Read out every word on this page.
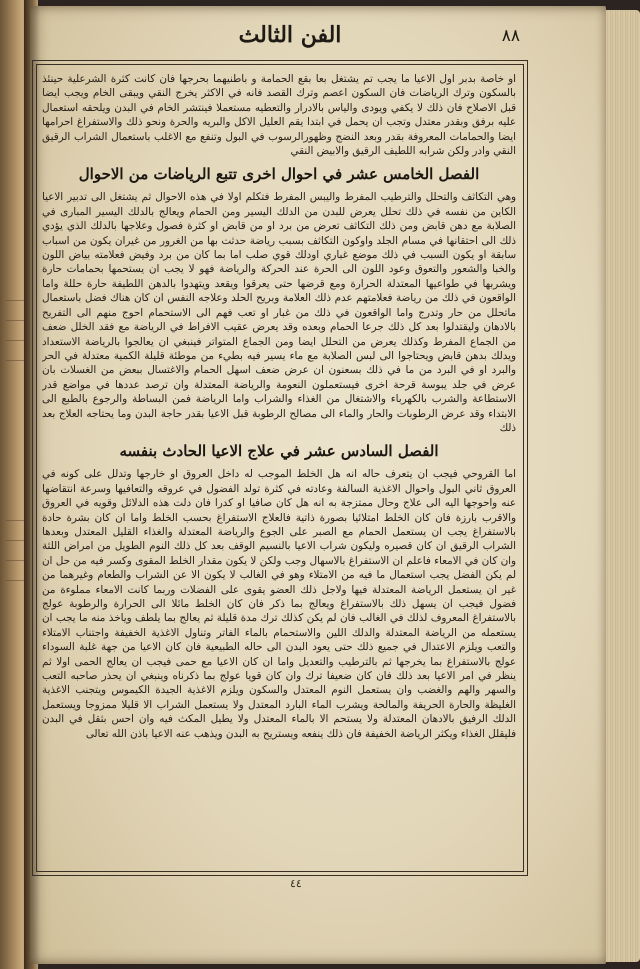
الفن الثالث	٨٨

او خاصة بدبر اول الاعيا ما يجب تم يشتغل بعا بقع الحمامة و باطنيهما بحرجها فان كانت كثرة الشرعلية حينئذ بالسكون وترك الرياضات فان السكون اعصم وترك القصد فانه في الاكثر يخرج النقي ويبقى الخام ويجب ايضا قبل الاصلاح فان ذلك لا يكفي ويودى والياس بالادرار والتعطيه مستعملا فينتشر الخام في البدن ويلحقه استعمال عليه برفق وبقدر معتدل وتجب ان يحمل في ابتدا يقم العليل الاكل والبريه والحرة ونحو ذلك والاستفراغ احرامها ايضا والحمامات المعروفة بقدر وبعد النضج وظهورالرسوب في البول وتنفع مع الاغلب باستعمال الشراب الرقيق النقي وادر ولكن شرابه اللطيف الرقيق والابيض النقي

الفصل الخامس عشر في احوال اخرى تتبع الرياضات من الاحوال

وهي التكاثف والتحلل والترطيب المفرط واليبس المفرط فتكلم اولا في هذه الاحوال ثم يشتغل الى تدبير الاعيا الكاين من نفسه في ذلك تحلل يعرض للبدن من الدلك اليسير ومن الحمام ويعالج بالدلك اليسير المبارى في الصلابة مع دهن قابض ومن ذلك التكاثف تعرض من برد او من قابض او كثرة فصول وعلاجها بالدلك الذي يؤدي ذلك الى احتقانها في مسام الجلد واوكون التكاثف بسبب رياضة حدثت بها من الغرور من غيران يكون من اسباب سابقة او يكون السبب في ذلك موضع غباري اودلك قوي صلب اما بما كان من برد وفيض فعلامته بياض اللون والخبا والشعور والتعوق وعود اللون الى الحرة عند الحركة والرياضة فهو لا يجب ان يستحمها بحمامات حارة ويشربها في طواعيها المعتدلة الحرارة ومع قرضها حتى يعرقوا ويقعد ويتهدوا بالدهن اللطيفة حارة حللة واما الواقعون في ذلك من رياضة فعلامتهم عدم ذلك العلامة وبريح الحلد وعلاجه النفس ان كان هناك فضل باستعمال ماتحلل من حار وتدرج واما الواقعون في ذلك من غبار او تعب فهم الى الاستحمام احوج منهم الى التفريح بالادهان وليقتدلوا بعد كل ذلك جرعا الحمام وبعده وقد يعرض عقيب الافراط في الرياضة مع فقد الخلل ضعف من الجماع المفرط وكذلك يعرض من التحلل ايضا ومن الجماع المتواتر فينبغي ان يعالجوا بالرياضة الاستعداد ويدلك بدهن قابض ويحتاجوا الى لبس الصلابة مع ماء يسير فيه بطيء من موطئة قليلة الكمية معتدلة في الحر والبرد او في البرد من ما في ذلك بسعنون ان عرض ضعف اسهل الحمام والاغتسال ببعض من الغسلات بان عرض في جلد يبوسة قرحة اخرى فيستعملون النعومة والرياضة المعتدلة وان ترصد عددها في مواضع قدر الاستطاعة والشرب بالكهرباء والاشتغال من الغذاء والشراب واما الرياضة فمن البساطة والرجوع بالطبع الى الابتداء وقد عرض الرطوبات والحار والماء الى مصالح الرطوبة قبل الاعيا بقدر حاجة البدن وما يحتاجه العلاج بعد ذلك

الفصل السادس عشر في علاج الاعيا الحادث بنفسه

اما القروحي فيجب ان يتعرف حاله انه هل الخلط الموجب له داخل العروق او خارجها وتدلل على كونه في العروق ثاني البول واحوال الاغذية السالفة وعادته في كثرة تولد الفضول في عروقه والتعافيها وسرعة انتقاضها عنه واحوجها اليه الى علاج وحال ممتزجة به انه هل كان صافيا او كدرا فان دلت هذه الدلائل وقويه في العروق والاقرب بارزة فان كان الخلط امتلائيا بصورة ذاتية فالعلاج الاستفراغ بحسب الخلط واما ان كان بشرة حادة بالاستفراغ يجب ان يستعمل الحمام مع الصبر على الجوع والرياضة المعتدلة والغذاء القليل المعتدل وبعدها الشراب الرقيق ان كان قصيره وليكون شراب الاعيا بالنسيم الوقف بعد كل ذلك النوم الطويل من امراض اللثة وان كان في الامعاء فاعلم ان الاستفراغ بالاسهال وجب ولكن لا يكون مقدار الخلط المقوى وكسر فيه من حل ان لم يكن الفضل يجب استعمال ما فيه من الامتلاء وهو في الغالب لا يكون الا عن الشراب والطعام وغيرهما من غير ان يستعمل الرياضة المعتدلة فيها ولاجل ذلك العضو يقوى على الفضلات وربما كانت الامعاء مملوءة من فضول فيجب ان يسهل ذلك بالاستفراغ ويعالج بما ذكر فان كان الخلط مائلا الى الحرارة والرطوبة عولج بالاستفراغ المعروف لذلك في الغالب فان لم يكن كذلك ترك مدة قليلة ثم يعالج بما يلطف وياخذ منه ما يجب ان يستعمله من الرياضة المعتدلة والدلك اللين والاستحمام بالماء الفاتر وتناول الاغذية الخفيفة واجتناب الامتلاء والتعب ويلزم الاعتدال في جميع ذلك حتى يعود البدن الى حاله الطبيعية فان كان الاعيا من جهة غلبة السوداء عولج بالاستفراغ بما يخرجها ثم بالترطيب والتعديل واما ان كان الاعيا مع حمى فيجب ان يعالج الحمى اولا ثم ينظر في امر الاعيا بعد ذلك فان كان ضعيفا ترك وان كان قويا عولج بما ذكرناه وينبغي ان يحذر صاحبه التعب والسهر والهم والغضب وان يستعمل النوم المعتدل والسكون ويلزم الاغذية الجيدة الكيموس ويتجنب الاغذية الغليظة والحارة الحريفة والمالحة ويشرب الماء البارد المعتدل ولا يستعمل الشراب الا قليلا ممزوجا ويستعمل الدلك الرفيق بالادهان المعتدلة ولا يستحم الا بالماء المعتدل ولا يطيل المكث فيه وان احس بثقل في البدن فليقلل الغذاء ويكثر الرياضة الخفيفة فان ذلك ينفعه ويستريح به البدن ويذهب عنه الاعيا باذن الله تعالى

٤٤
